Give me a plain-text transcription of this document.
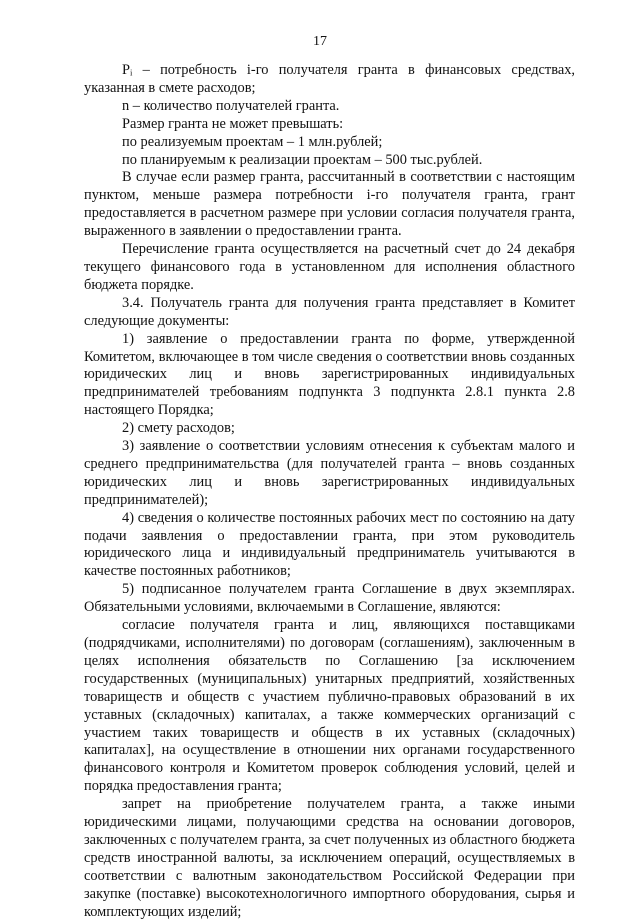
17

Pᵢ – потребность i-го получателя гранта в финансовых средствах, указанная в смете расходов;

n – количество получателей гранта.

Размер гранта не может превышать:

по реализуемым проектам – 1 млн.рублей;

по планируемым к реализации проектам – 500 тыс.рублей.

В случае если размер гранта, рассчитанный в соответствии с настоящим пунктом, меньше размера потребности i-го получателя гранта, грант предоставляется в расчетном размере при условии согласия получателя гранта, выраженного в заявлении о предоставлении гранта.

Перечисление гранта осуществляется на расчетный счет до 24 декабря текущего финансового года в установленном для исполнения областного бюджета порядке.

3.4. Получатель гранта для получения гранта представляет в Комитет следующие документы:

1) заявление о предоставлении гранта по форме, утвержденной Комитетом, включающее в том числе сведения о соответствии вновь созданных юридических лиц и вновь зарегистрированных индивидуальных предпринимателей требованиям подпункта 3 подпункта 2.8.1 пункта 2.8 настоящего Порядка;

2) смету расходов;

3) заявление о соответствии условиям отнесения к субъектам малого и среднего предпринимательства (для получателей гранта – вновь созданных юридических лиц и вновь зарегистрированных индивидуальных предпринимателей);

4) сведения о количестве постоянных рабочих мест по состоянию на дату подачи заявления о предоставлении гранта, при этом руководитель юридического лица и индивидуальный предприниматель учитываются в качестве постоянных работников;

5) подписанное получателем гранта Соглашение в двух экземплярах. Обязательными условиями, включаемыми в Соглашение, являются:

согласие получателя гранта и лиц, являющихся поставщиками (подрядчиками, исполнителями) по договорам (соглашениям), заключенным в целях исполнения обязательств по Соглашению [за исключением государственных (муниципальных) унитарных предприятий, хозяйственных товариществ и обществ с участием публично-правовых образований в их уставных (складочных) капиталах, а также коммерческих организаций с участием таких товариществ и обществ в их уставных (складочных) капиталах], на осуществление в отношении них органами государственного финансового контроля и Комитетом проверок соблюдения условий, целей и порядка предоставления гранта;

запрет на приобретение получателем гранта, а также иными юридическими лицами, получающими средства на основании договоров, заключенных с получателем гранта, за счет полученных из областного бюджета средств иностранной валюты, за исключением операций, осуществляемых в соответствии с валютным законодательством Российской Федерации при закупке (поставке) высокотехнологичного импортного оборудования, сырья и комплектующих изделий;
